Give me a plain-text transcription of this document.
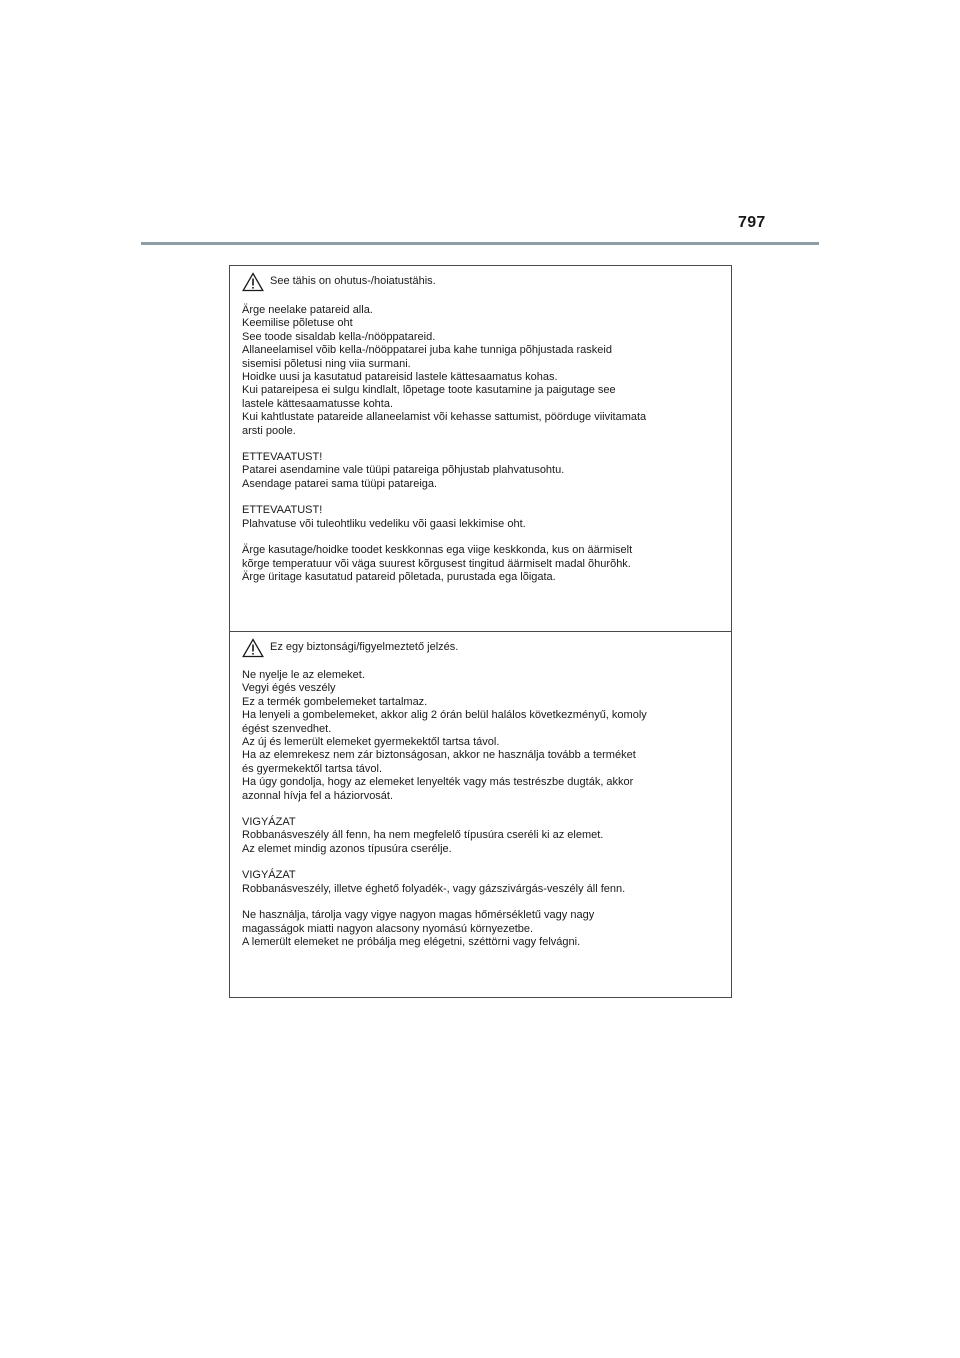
797
See tähis on ohutus-/hoiatustähis.
Ärge neelake patareid alla.
Keemilise põletuse oht
See toode sisaldab kella-/nööppatareid.
Allaneelamisel võib kella-/nööppatarei juba kahe tunniga põhjustada raskeid
sisemisi põletusi ning viia surmani.
Hoidke uusi ja kasutatud patareisid lastele kättesaamatus kohas.
Kui patareipesa ei sulgu kindlalt, lõpetage toote kasutamine ja paigutage see
lastele kättesaamatusse kohta.
Kui kahtlustate patareide allaneelamist või kehasse sattumist, pöörduge viivitamata
arsti poole.
ETTEVAATUST!
Patarei asendamine vale tüüpi patareiga põhjustab plahvatusohtu.
Asendage patarei sama tüüpi patareiga.
ETTEVAATUST!
Plahvatuse või tuleohtliku vedeliku või gaasi lekkimise oht.
Ärge kasutage/hoidke toodet keskkonnas ega viige keskkonda, kus on äärmiselt
kõrge temperatuur või väga suurest kõrgusest tingitud äärmiselt madal õhurõhk.
Ärge üritage kasutatud patareid põletada, purustada ega lõigata.
Ez egy biztonsági/figyelmeztető jelzés.
Ne nyelje le az elemeket.
Vegyi égés veszély
Ez a termék gombelemeket tartalmaz.
Ha lenyeli a gombelemeket, akkor alig 2 órán belül halálos következményű, komoly
égést szenvedhet.
Az új és lemerült elemeket gyermekektől tartsa távol.
Ha az elemrekesz nem zár biztonságosan, akkor ne használja tovább a terméket
és gyermekektől tartsa távol.
Ha úgy gondolja, hogy az elemeket lenyelték vagy más testrészbe dugták, akkor
azonnal hívja fel a háziorvosát.
VIGYÁZAT
Robbanásveszély áll fenn, ha nem megfelelő típusúra cseréli ki az elemet.
Az elemet mindig azonos típusúra cserélje.
VIGYÁZAT
Robbanásveszély, illetve éghető folyadék-, vagy gázszivárgás-veszély áll fenn.
Ne használja, tárolja vagy vigye nagyon magas hőmérsékletű vagy nagy
magasságok miatti nagyon alacsony nyomású környezetbe.
A lemerült elemeket ne próbálja meg elégetni, széttörni vagy felvágni.
